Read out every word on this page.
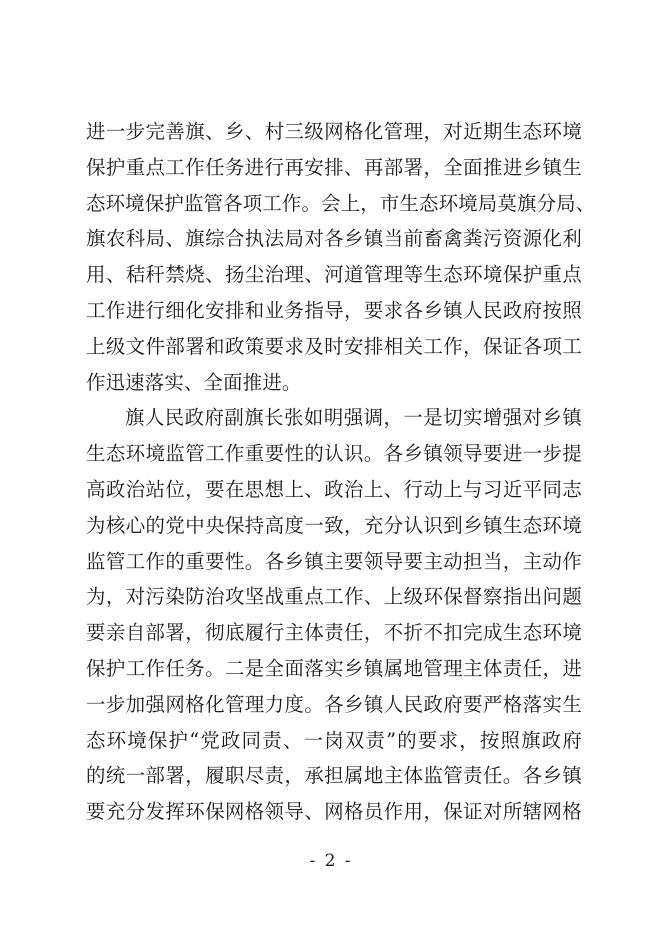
进一步完善旗、乡、村三级网格化管理，对近期生态环境
保护重点工作任务进行再安排、再部署，全面推进乡镇生
态环境保护监管各项工作。会上，市生态环境局莫旗分局、
旗农科局、旗综合执法局对各乡镇当前畜禽粪污资源化利
用、秸秆禁烧、扬尘治理、河道管理等生态环境保护重点
工作进行细化安排和业务指导，要求各乡镇人民政府按照
上级文件部署和政策要求及时安排相关工作，保证各项工
作迅速落实、全面推进。
旗人民政府副旗长张如明强调，一是切实增强对乡镇
生态环境监管工作重要性的认识。各乡镇领导要进一步提
高政治站位，要在思想上、政治上、行动上与习近平同志
为核心的党中央保持高度一致，充分认识到乡镇生态环境
监管工作的重要性。各乡镇主要领导要主动担当，主动作
为，对污染防治攻坚战重点工作、上级环保督察指出问题
要亲自部署，彻底履行主体责任，不折不扣完成生态环境
保护工作任务。二是全面落实乡镇属地管理主体责任，进
一步加强网格化管理力度。各乡镇人民政府要严格落实生
态环境保护“党政同责、一岗双责”的要求，按照旗政府
的统一部署，履职尽责，承担属地主体监管责任。各乡镇
要充分发挥环保网格领导、网格员作用，保证对所辖网格
- 2 -
